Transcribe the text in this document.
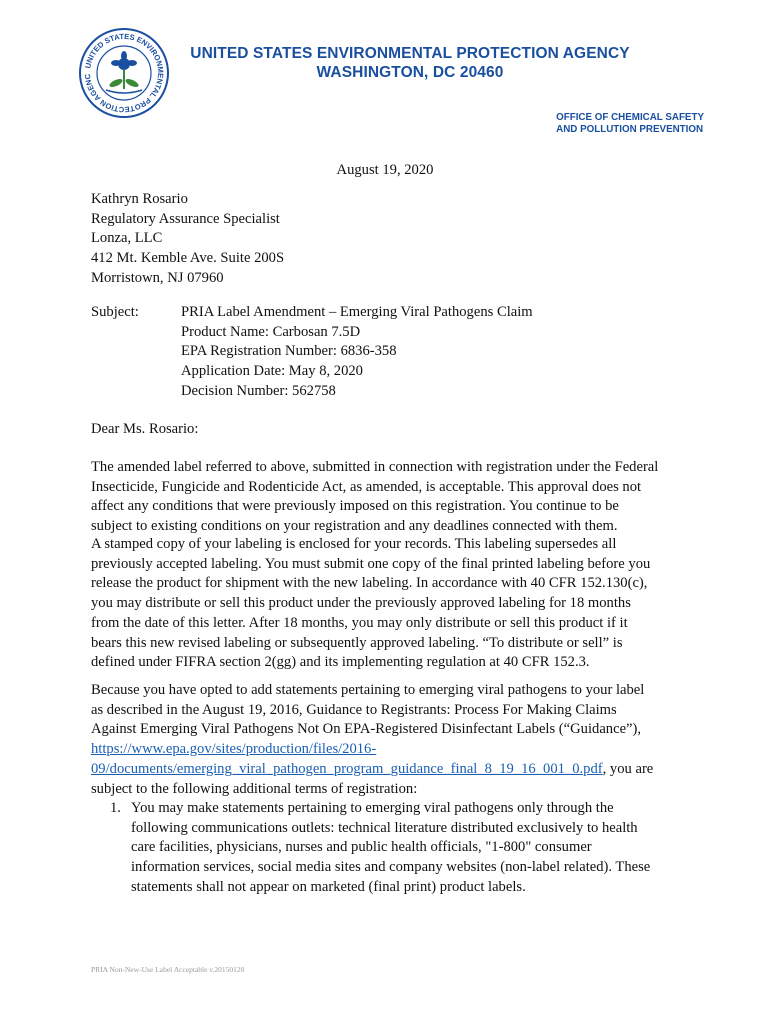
UNITED STATES ENVIRONMENTAL PROTECTION AGENC
UNITED STATES ENVIRONMENTAL PROTECTION AGENCY
WASHINGTON, DC 20460
OFFICE OF CHEMICAL SAFETY
AND POLLUTION PREVENTION
August 19, 2020
Kathryn Rosario
Regulatory Assurance Specialist
Lonza, LLC
412 Mt. Kemble Ave. Suite 200S
Morristown, NJ 07960
Subject:	PRIA Label Amendment – Emerging Viral Pathogens Claim
Product Name: Carbosan 7.5D
EPA Registration Number: 6836-358
Application Date: May 8, 2020
Decision Number: 562758
Dear Ms. Rosario:
The amended label referred to above, submitted in connection with registration under the Federal
Insecticide, Fungicide and Rodenticide Act, as amended, is acceptable. This approval does not
affect any conditions that were previously imposed on this registration. You continue to be
subject to existing conditions on your registration and any deadlines connected with them.
A stamped copy of your labeling is enclosed for your records. This labeling supersedes all
previously accepted labeling. You must submit one copy of the final printed labeling before you
release the product for shipment with the new labeling. In accordance with 40 CFR 152.130(c),
you may distribute or sell this product under the previously approved labeling for 18 months
from the date of this letter. After 18 months, you may only distribute or sell this product if it
bears this new revised labeling or subsequently approved labeling. “To distribute or sell” is
defined under FIFRA section 2(gg) and its implementing regulation at 40 CFR 152.3.
Because you have opted to add statements pertaining to emerging viral pathogens to your label
as described in the August 19, 2016, Guidance to Registrants: Process For Making Claims
Against Emerging Viral Pathogens Not On EPA-Registered Disinfectant Labels (“Guidance”),
https://www.epa.gov/sites/production/files/2016-
09/documents/emerging_viral_pathogen_program_guidance_final_8_19_16_001_0.pdf, you are
subject to the following additional terms of registration:
1. You may make statements pertaining to emerging viral pathogens only through the
following communications outlets: technical literature distributed exclusively to health
care facilities, physicians, nurses and public health officials, "1-800" consumer
information services, social media sites and company websites (non-label related). These
statements shall not appear on marketed (final print) product labels.
PRIA Non-New-Use Label Acceptable v.20150120
